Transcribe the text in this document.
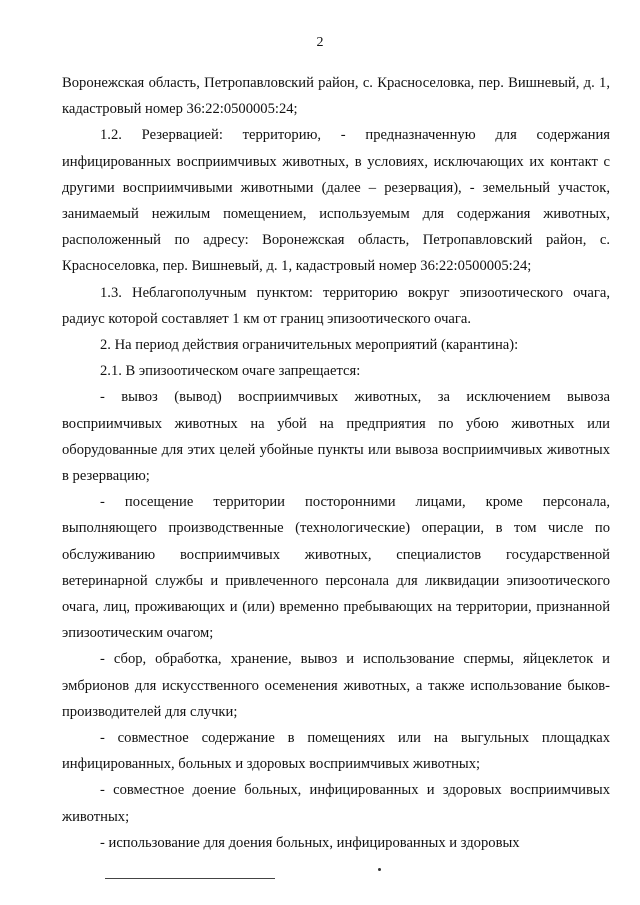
2

Воронежская область, Петропавловский район, с. Красноселовка, пер. Вишневый, д. 1, кадастровый номер 36:22:0500005:24;

1.2. Резервацией: территорию, - предназначенную для содержания инфицированных восприимчивых животных, в условиях, исключающих их контакт с другими восприимчивыми животными (далее – резервация), - земельный участок, занимаемый нежилым помещением, используемым для содержания животных, расположенный по адресу: Воронежская область, Петропавловский район, с. Красноселовка, пер. Вишневый, д. 1, кадастровый номер 36:22:0500005:24;

1.3. Неблагополучным пунктом: территорию вокруг эпизоотического очага, радиус которой составляет 1 км от границ эпизоотического очага.

2. На период действия ограничительных мероприятий (карантина):

2.1. В эпизоотическом очаге запрещается:

- вывоз (вывод) восприимчивых животных, за исключением вывоза восприимчивых животных на убой на предприятия по убою животных или оборудованные для этих целей убойные пункты или вывоза восприимчивых животных в резервацию;

- посещение территории посторонними лицами, кроме персонала, выполняющего производственные (технологические) операции, в том числе по обслуживанию восприимчивых животных, специалистов государственной ветеринарной службы и привлеченного персонала для ликвидации эпизоотического очага, лиц, проживающих и (или) временно пребывающих на территории, признанной эпизоотическим очагом;

- сбор, обработка, хранение, вывоз и использование спермы, яйцеклеток и эмбрионов для искусственного осеменения животных, а также использование быков-производителей для случки;

- совместное содержание в помещениях или на выгульных площадках инфицированных, больных и здоровых восприимчивых животных;

- совместное доение больных, инфицированных и здоровых восприимчивых животных;

- использование для доения больных, инфицированных и здоровых
